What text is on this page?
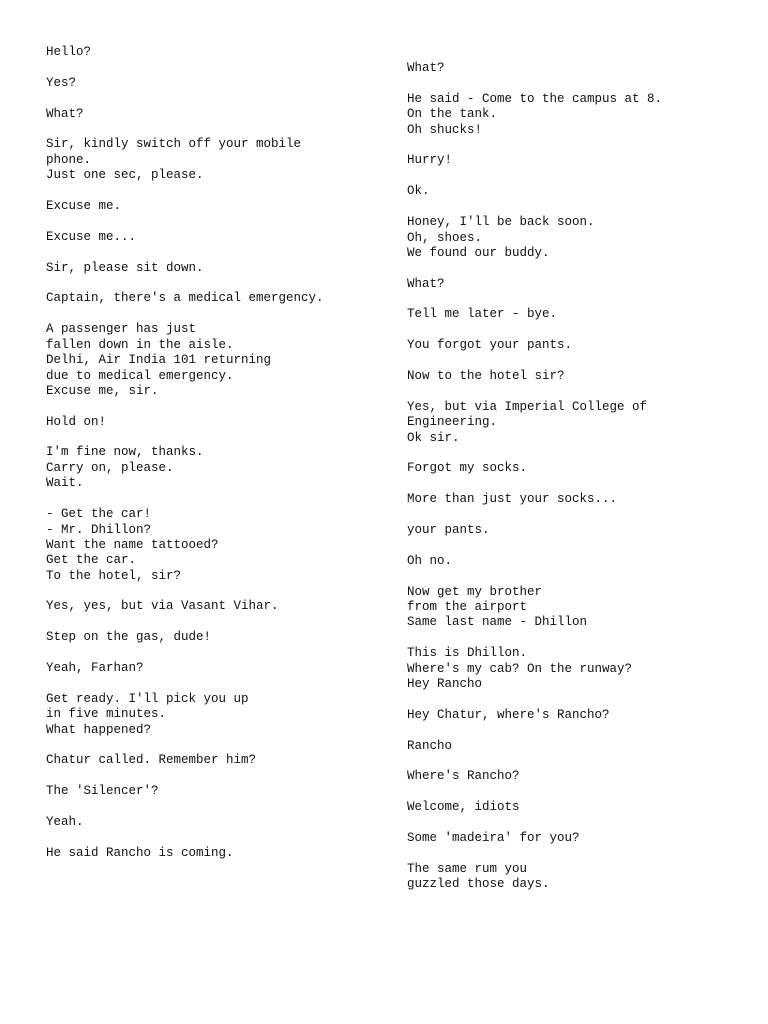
Hello?
Yes?
What?
Sir, kindly switch off your mobile
phone.
Just one sec, please.
Excuse me.
Excuse me...
Sir, please sit down.
Captain, there's a medical emergency.
A passenger has just
fallen down in the aisle.
Delhi, Air India 101 returning
due to medical emergency.
Excuse me, sir.
Hold on!
I'm fine now, thanks.
Carry on, please.
Wait.
- Get the car!
- Mr. Dhillon?
Want the name tattooed?
Get the car.
To the hotel, sir?
Yes, yes, but via Vasant Vihar.
Step on the gas, dude!
Yeah, Farhan?
Get ready. I'll pick you up
in five minutes.
What happened?
Chatur called. Remember him?
The 'Silencer'?
Yeah.
He said Rancho is coming.
What?
He said - Come to the campus at 8.
On the tank.
Oh shucks!
Hurry!
Ok.
Honey, I'll be back soon.
Oh, shoes.
We found our buddy.
What?
Tell me later - bye.
You forgot your pants.
Now to the hotel sir?
Yes, but via Imperial College of
Engineering.
Ok sir.
Forgot my socks.
More than just your socks...
your pants.
Oh no.
Now get my brother
from the airport
Same last name - Dhillon
This is Dhillon.
Where's my cab? On the runway?
Hey Rancho
Hey Chatur, where's Rancho?
Rancho
Where's Rancho?
Welcome, idiots
Some 'madeira' for you?
The same rum you
guzzled those days.
